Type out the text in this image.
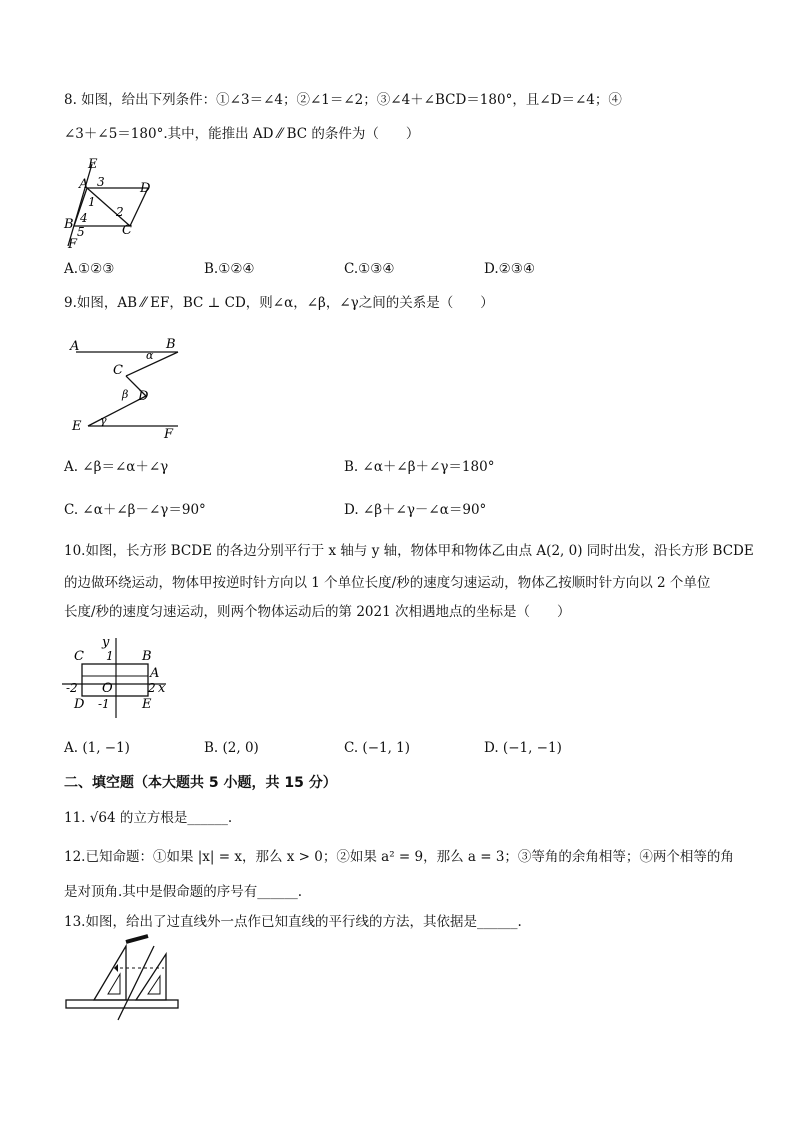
8. 如图，给出下列条件：①∠3＝∠4；②∠1＝∠2；③∠4＋∠BCD＝180°，且∠D＝∠4；④
∠3＋∠5＝180°.其中，能推出 AD ⁄⁄ BC 的条件为（　　）
E
A 3	D
1
2
B 4
5	C
F
A.①②③	B.①②④	C.①③④	D.②③④
9.如图，AB ⁄⁄ EF，BC ⊥ CD，则∠α，∠β，∠γ之间的关系是（　　）
A	B
α
C
β D
E γ
F
A. ∠β＝∠α＋∠γ	B. ∠α＋∠β＋∠γ＝180°
C. ∠α＋∠β－∠γ＝90°	D. ∠β＋∠γ－∠α＝90°
10.如图，长方形 BCDE 的各边分别平行于 x 轴与 y 轴，物体甲和物体乙由点 A(2, 0) 同时出发，沿长方形 BCDE
的边做环绕运动，物体甲按逆时针方向以 1 个单位长度/秒的速度匀速运动，物体乙按顺时针方向以 2 个单位
长度/秒的速度匀速运动，则两个物体运动后的第 2021 次相遇地点的坐标是（　　）
y
C 1 B
A
-2 O	2 x
D -1 E
A. (1, −1)	B. (2, 0)	C. (−1, 1)	D. (−1, −1)
二、填空题（本大题共 5 小题，共 15 分）
11. √64 的立方根是______.
12.已知命题：①如果 |x| = x，那么 x > 0；②如果 a² = 9，那么 a = 3；③等角的余角相等；④两个相等的角
是对顶角.其中是假命题的序号有______.
13.如图，给出了过直线外一点作已知直线的平行线的方法，其依据是______.
